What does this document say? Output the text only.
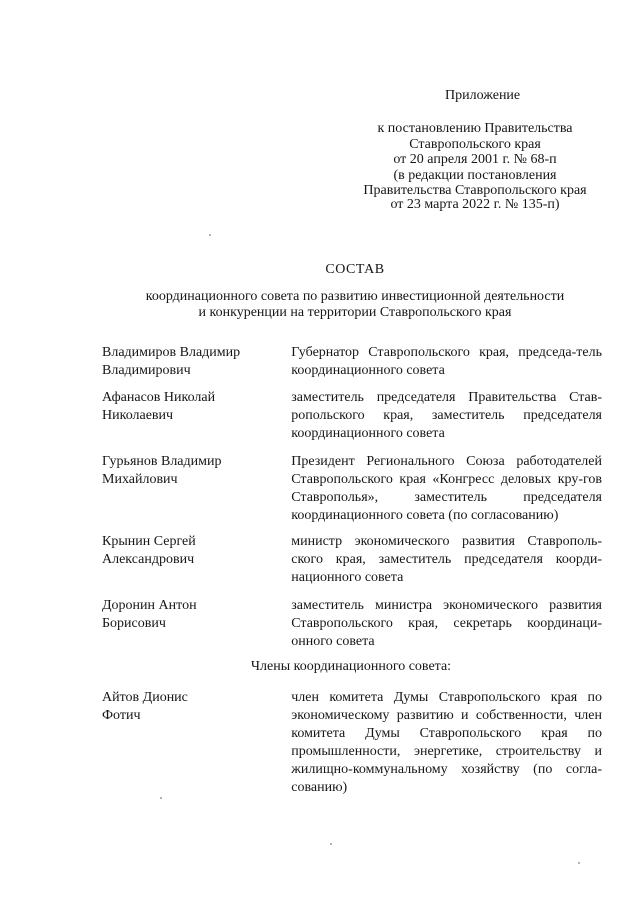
Приложение
к постановлению Правительства
Ставропольского края
от 20 апреля 2001 г. № 68-п
(в редакции постановления
Правительства Ставропольского края
от 23 марта 2022 г. № 135-п)
СОСТАВ
координационного совета по развитию инвестиционной деятельности
и конкуренции на территории Ставропольского края
Владимиров Владимир
Владимирович
Губернатор Ставропольского края, председа-тель координационного совета
Афанасов Николай
Николаевич
заместитель председателя Правительства Став-ропольского края, заместитель председателя координационного совета
Гурьянов Владимир
Михайлович
Президент Регионального Союза работодателей Ставропольского края «Конгресс деловых кру-гов Ставрополья», заместитель председателя координационного совета (по согласованию)
Крынин Сергей
Александрович
министр экономического развития Ставрополь-ского края, заместитель председателя коорди-национного совета
Доронин Антон
Борисович
заместитель министра экономического развития Ставропольского края, секретарь координаци-онного совета
Члены координационного совета:
Айтов Дионис
Фотич
член комитета Думы Ставропольского края по экономическому развитию и собственности, член комитета Думы Ставропольского края по промышленности, энергетике, строительству и жилищно-коммунальному хозяйству (по согла-сованию)
